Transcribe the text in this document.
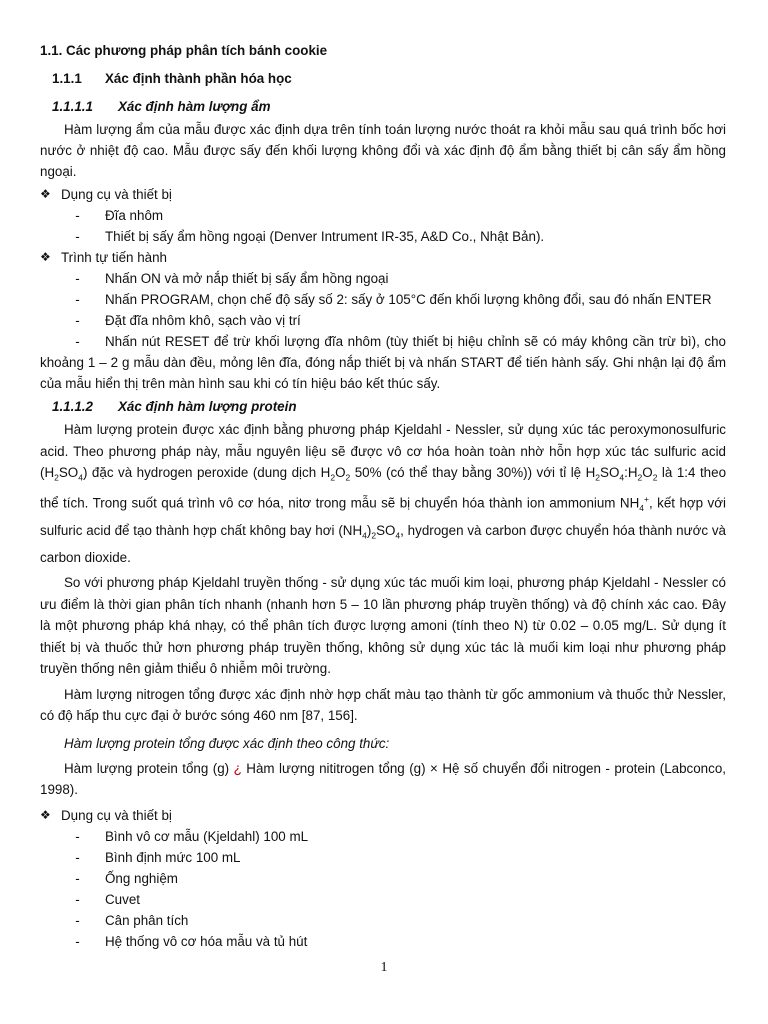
1.1. Các phương pháp phân tích bánh cookie
1.1.1 Xác định thành phần hóa học
1.1.1.1 Xác định hàm lượng ẩm

Hàm lượng ẩm của mẫu được xác định dựa trên tính toán lượng nước thoát ra khỏi mẫu sau quá trình bốc hơi nước ở nhiệt độ cao. Mẫu được sấy đến khối lượng không đổi và xác định độ ẩm bằng thiết bị cân sấy ẩm hồng ngoại.

❖ Dụng cụ và thiết bị
-	Đĩa nhôm
-	Thiết bị sấy ẩm hồng ngoại (Denver Intrument IR-35, A&D Co., Nhật Bản).
❖ Trình tự tiến hành
-	Nhấn ON và mở nắp thiết bị sấy ẩm hồng ngoại
-	Nhấn PROGRAM, chọn chế độ sấy số 2: sấy ở 105°C đến khối lượng không đổi, sau đó nhấn ENTER
-	Đặt đĩa nhôm khô, sạch vào vị trí

- Nhấn nút RESET để trừ khối lượng đĩa nhôm (tùy thiết bị hiệu chỉnh sẽ có máy không cần trừ bì), cho khoảng 1 – 2 g mẫu dàn đều, mỏng lên đĩa, đóng nắp thiết bị và nhấn START để tiến hành sấy. Ghi nhận lại độ ẩm của mẫu hiển thị trên màn hình sau khi có tín hiệu báo kết thúc sấy.

1.1.1.2 Xác định hàm lượng protein

Hàm lượng protein được xác định bằng phương pháp Kjeldahl - Nessler, sử dụng xúc tác peroxymonosulfuric acid. Theo phương pháp này, mẫu nguyên liệu sẽ được vô cơ hóa hoàn toàn nhờ hỗn hợp xúc tác sulfuric acid $(H_2SO_4)$ đặc và hydrogen peroxide (dung dịch $H_2O_2$ 50% (có thể thay bằng 30%)) với tỉ lệ $H_2SO_4:H_2O_2$ là 1:4 theo thể tích. Trong suốt quá trình vô cơ hóa, nitơ trong mẫu sẽ bị chuyển hóa thành ion ammonium $NH_4^+$, kết hợp với sulfuric acid để tạo thành hợp chất không bay hơi $(NH_4)_2SO_4$, hydrogen và carbon được chuyển hóa thành nước và carbon dioxide.

So với phương pháp Kjeldahl truyền thống - sử dụng xúc tác muối kim loại, phương pháp Kjeldahl - Nessler có ưu điểm là thời gian phân tích nhanh (nhanh hơn 5 – 10 lần phương pháp truyền thống) và độ chính xác cao. Đây là một phương pháp khá nhạy, có thể phân tích được lượng amoni (tính theo N) từ 0.02 – 0.05 mg/L. Sử dụng ít thiết bị và thuốc thử hơn phương pháp truyền thống, không sử dụng xúc tác là muối kim loại như phương pháp truyền thống nên giảm thiểu ô nhiễm môi trường.

Hàm lượng nitrogen tổng được xác định nhờ hợp chất màu tạo thành từ gốc ammonium và thuốc thử Nessler, có độ hấp thu cực đại ở bước sóng 460 nm [87, 156].

Hàm lượng protein tổng được xác định theo công thức:

Hàm lượng protein tổng (g) ¿ Hàm lượng nititrogen tổng (g) × Hệ số chuyển đổi nitrogen - protein (Labconco, 1998).

❖ Dụng cụ và thiết bị
-	Bình vô cơ mẫu (Kjeldahl) 100 mL
-	Bình định mức 100 mL
-	Ống nghiệm
-	Cuvet
-	Cân phân tích
-	Hệ thống vô cơ hóa mẫu và tủ hút
1
